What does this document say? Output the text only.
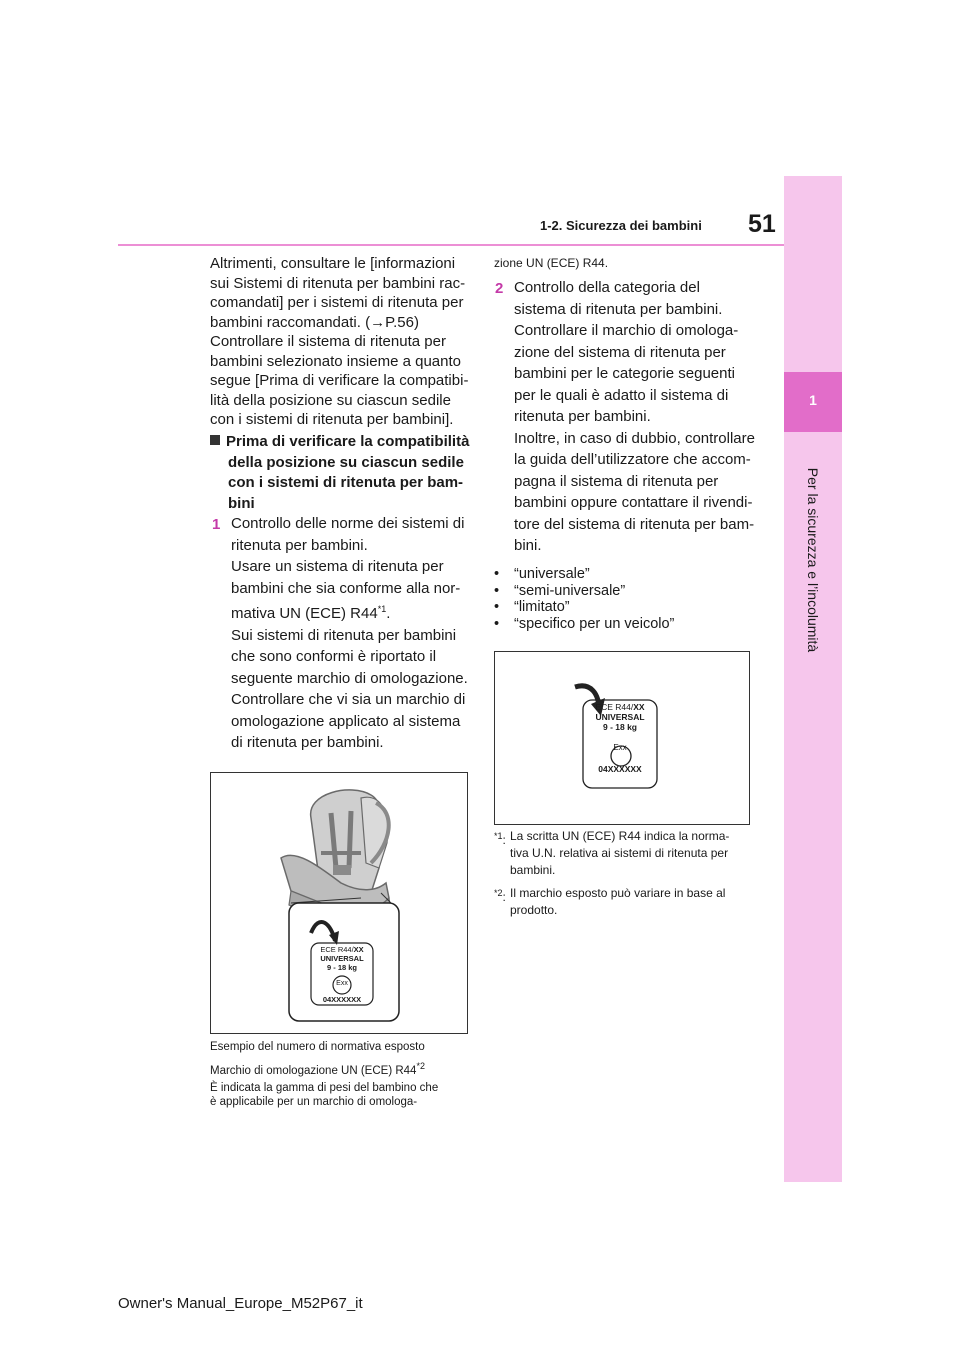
1
Per la sicurezza e l’incolumità
51
1-2. Sicurezza dei bambini
Altrimenti, consultare le [informazioni
sui Sistemi di ritenuta per bambini rac-
comandati] per i sistemi di ritenuta per
bambini raccomandati. (→P.56)
Controllare il sistema di ritenuta per
bambini selezionato insieme a quanto
segue [Prima di verificare la compatibi-
lità della posizione su ciascun sedile
con i sistemi di ritenuta per bambini].
Prima di verificare la compatibilità
della posizione su ciascun sedile
con i sistemi di ritenuta per bam-
bini
1 Controllo delle norme dei sistemi di
ritenuta per bambini.
Usare un sistema di ritenuta per
bambini che sia conforme alla nor-
mativa UN (ECE) R44$^{*1}$.
Sui sistemi di ritenuta per bambini
che sono conformi è riportato il
seguente marchio di omologazione.
Controllare che vi sia un marchio di
omologazione applicato al sistema
di ritenuta per bambini.
ECE R44/XX
UNIVERSAL
9 - 18 kg
Exx
04XXXXXX
Esempio del numero di normativa esposto
Marchio di omologazione UN (ECE) R44$^{*2}$
È indicata la gamma di pesi del bambino che
è applicabile per un marchio di omologa-
zione UN (ECE) R44.
2 Controllo della categoria del
sistema di ritenuta per bambini.
Controllare il marchio di omologa-
zione del sistema di ritenuta per
bambini per le categorie seguenti
per le quali è adatto il sistema di
ritenuta per bambini.
Inoltre, in caso di dubbio, controllare
la guida dell’utilizzatore che accom-
pagna il sistema di ritenuta per
bambini oppure contattare il rivendi-
tore del sistema di ritenuta per bam-
bini.
• “universale”
• “semi-universale”
• “limitato”
• “specifico per un veicolo”
ECE R44/XX
UNIVERSAL
9 - 18 kg
Exx
04XXXXXX
$^{*1}$: La scritta UN (ECE) R44 indica la norma-
tiva U.N. relativa ai sistemi di ritenuta per
bambini.
$^{*2}$: Il marchio esposto può variare in base al
prodotto.
Owner's Manual_Europe_M52P67_it
